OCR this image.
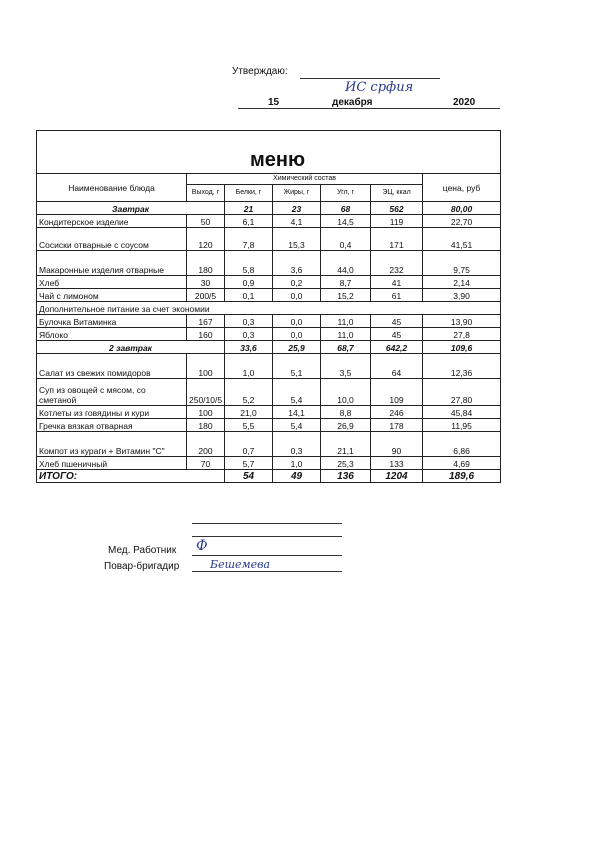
Утверждаю:
ИС срфия
15	декабря	2020
меню						
Наименование блюда	Химический состав					цена, руб
	Выход, г	Белки, г	Жиры, г	Угл, г	ЭЦ, ккал	
Завтрак		21	23	68	562	80,00
Кондитерское изделие	50	6,1	4,1	14,5	119	22,70
Сосиски отварные с соусом	120	7,8	15,3	0,4	171	41,51
Макаронные изделия отварные	180	5,8	3,6	44,0	232	9,75
Хлеб	30	0,9	0,2	8,7	41	2,14
Чай с лимоном	200/5	0,1	0,0	15,2	61	3,90
Дополнительное питание за счет экономии						
Булочка Витаминка	167	0,3	0,0	11,0	45	13,90
Яблоко	160	0,3	0,0	11,0	45	27,8
2 завтрак		33,6	25,9	68,7	642,2	109,6
Салат из свежих помидоров	100	1,0	5,1	3,5	64	12,36
Суп из овощей с мясом, со сметаной	250/10/5	5,2	5,4	10,0	109	27,80
Котлеты из говядины и кури	100	21,0	14,1	8,8	246	45,84
Гречка вязкая отварная	180	5,5	5,4	26,9	178	11,95
Компот из кураги + Витамин "С"	200	0,7	0,3	21,1	90	6,86
Хлеб пшеничный	70	5,7	1,0	25,3	133	4,69
ИТОГО:		54	49	136	1204	189,6
Мед. Работник Ф
Повар-бригадир	Бешемева
